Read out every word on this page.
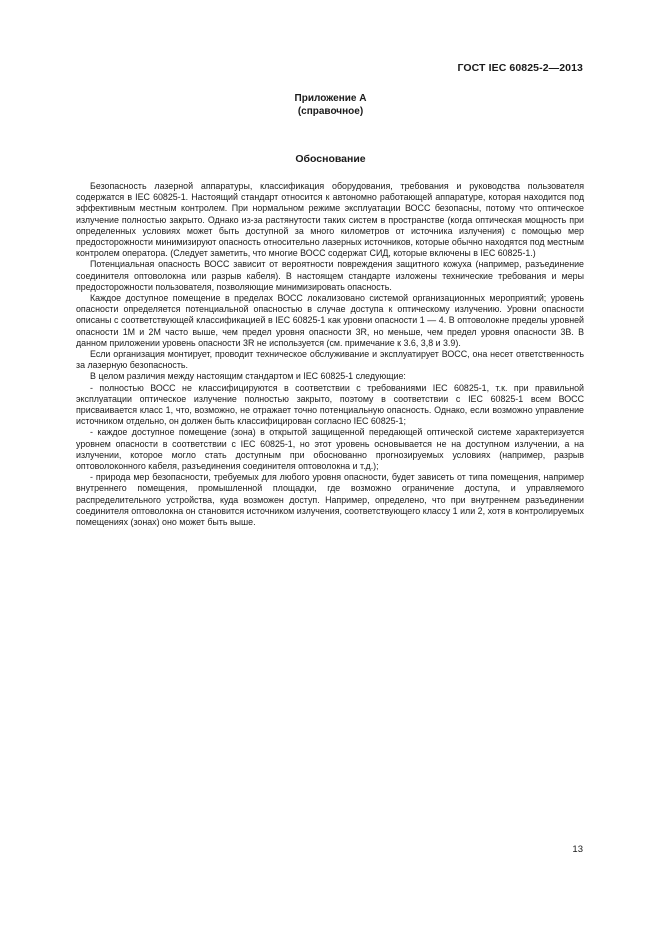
ГОСТ IEC 60825-2—2013
Приложение А
(справочное)
Обоснование

Безопасность лазерной аппаратуры, классификация оборудования, требования и руководства пользователя содержатся в IEC 60825-1. Настоящий стандарт относится к автономно работающей аппаратуре, которая находится под эффективным местным контролем. При нормальном режиме эксплуатации ВОСС безопасны, потому что оптическое излучение полностью закрыто. Однако из-за растянутости таких систем в пространстве (когда оптическая мощность при определенных условиях может быть доступной за много километров от источника излучения) с помощью мер предосторожности минимизируют опасность относительно лазерных источников, которые обычно находятся под местным контролем оператора. (Следует заметить, что многие ВОСС содержат СИД, которые включены в IEC 60825-1.)

Потенциальная опасность ВОСС зависит от вероятности повреждения защитного кожуха (например, разъединение соединителя оптоволокна или разрыв кабеля). В настоящем стандарте изложены технические требования и меры предосторожности пользователя, позволяющие минимизировать опасность.

Каждое доступное помещение в пределах ВОСС локализовано системой организационных мероприятий; уровень опасности определяется потенциальной опасностью в случае доступа к оптическому излучению. Уровни опасности описаны с соответствующей классификацией в IEC 60825-1 как уровни опасности 1 — 4. В оптоволокне пределы уровней опасности 1М и 2М часто выше, чем предел уровня опасности 3R, но меньше, чем предел уровня опасности 3B. В данном приложении уровень опасности 3R не используется (см. примечание к 3.6, 3,8 и 3.9).

Если организация монтирует, проводит техническое обслуживание и эксплуатирует ВОСС, она несет ответственность за лазерную безопасность.

В целом различия между настоящим стандартом и IEC 60825-1 следующие:

- полностью ВОСС не классифицируются в соответствии с требованиями IEC 60825-1, т.к. при правильной эксплуатации оптическое излучение полностью закрыто, поэтому в соответствии с IEC 60825-1 всем ВОСС присваивается класс 1, что, возможно, не отражает точно потенциальную опасность. Однако, если возможно управление источником отдельно, он должен быть классифицирован согласно IEC 60825-1;

- каждое доступное помещение (зона) в открытой защищенной передающей оптической системе характеризуется уровнем опасности в соответствии с IEC 60825-1, но этот уровень основывается не на доступном излучении, а на излучении, которое могло стать доступным при обоснованно прогнозируемых условиях (например, разрыв оптоволоконного кабеля, разъединения соединителя оптоволокна и т.д.);

- природа мер безопасности, требуемых для любого уровня опасности, будет зависеть от типа помещения, например внутреннего помещения, промышленной площадки, где возможно ограничение доступа, и управляемого распределительного устройства, куда возможен доступ. Например, определено, что при внутреннем разъединении соединителя оптоволокна он становится источником излучения, соответствующего классу 1 или 2, хотя в контролируемых помещениях (зонах) оно может быть выше.

13
